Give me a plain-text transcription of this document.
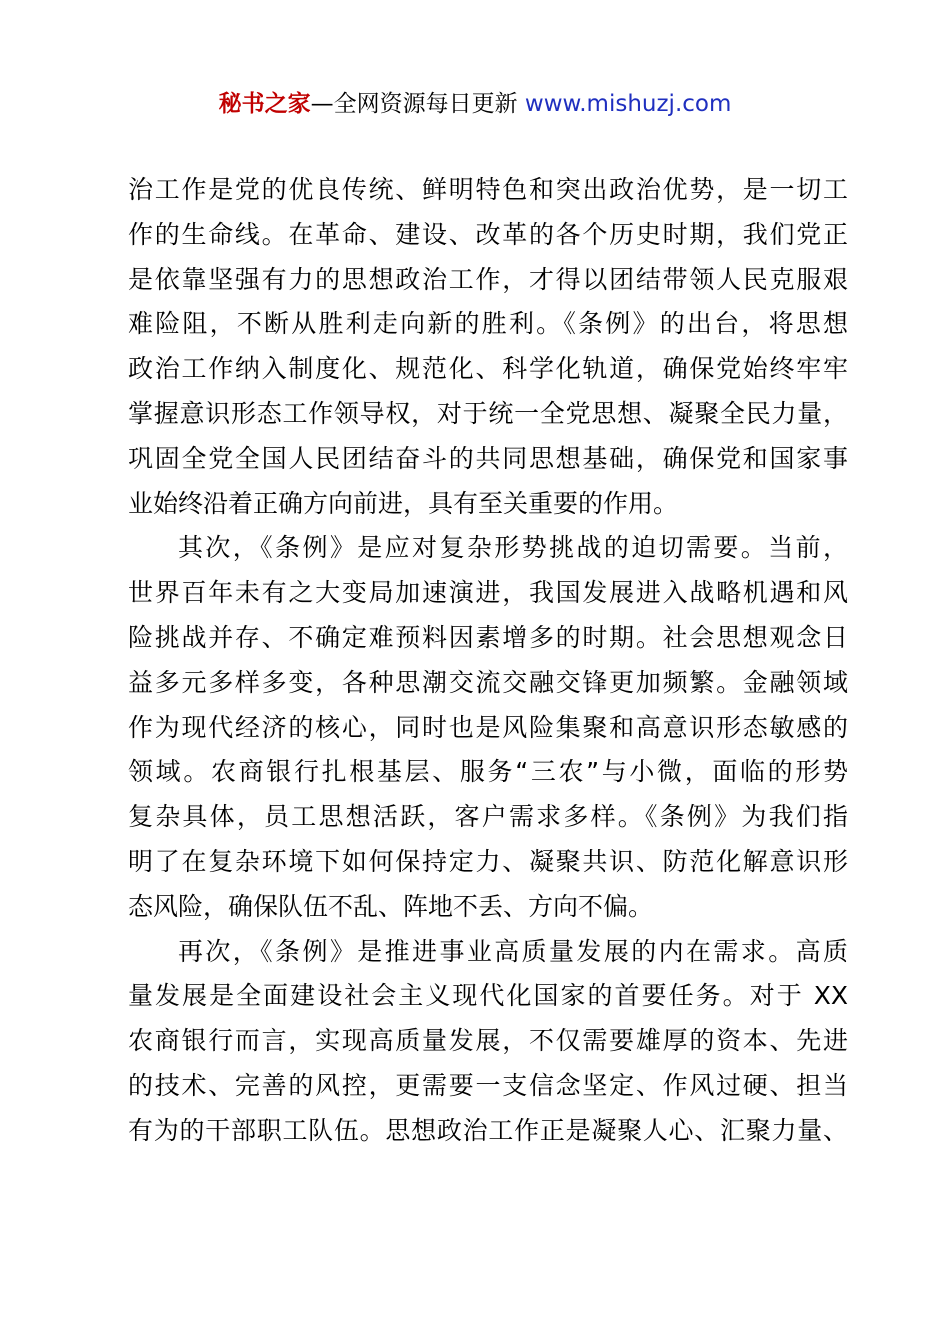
秘书之家—全网资源每日更新 www.mishuzj.com
治工作是党的优良传统、鲜明特色和突出政治优势，是一切工
作的生命线。在革命、建设、改革的各个历史时期，我们党正
是依靠坚强有力的思想政治工作，才得以团结带领人民克服艰
难险阻，不断从胜利走向新的胜利。《条例》的出台，将思想
政治工作纳入制度化、规范化、科学化轨道，确保党始终牢牢
掌握意识形态工作领导权，对于统一全党思想、凝聚全民力量，
巩固全党全国人民团结奋斗的共同思想基础，确保党和国家事
业始终沿着正确方向前进，具有至关重要的作用。
其次，《条例》是应对复杂形势挑战的迫切需要。当前，
世界百年未有之大变局加速演进，我国发展进入战略机遇和风
险挑战并存、不确定难预料因素增多的时期。社会思想观念日
益多元多样多变，各种思潮交流交融交锋更加频繁。金融领域
作为现代经济的核心，同时也是风险集聚和高意识形态敏感的
领域。农商银行扎根基层、服务“三农”与小微，面临的形势
复杂具体，员工思想活跃，客户需求多样。《条例》为我们指
明了在复杂环境下如何保持定力、凝聚共识、防范化解意识形
态风险，确保队伍不乱、阵地不丢、方向不偏。
再次，《条例》是推进事业高质量发展的内在需求。高质
量发展是全面建设社会主义现代化国家的首要任务。对于 XX
农商银行而言，实现高质量发展，不仅需要雄厚的资本、先进
的技术、完善的风控，更需要一支信念坚定、作风过硬、担当
有为的干部职工队伍。思想政治工作正是凝聚人心、汇聚力量、
